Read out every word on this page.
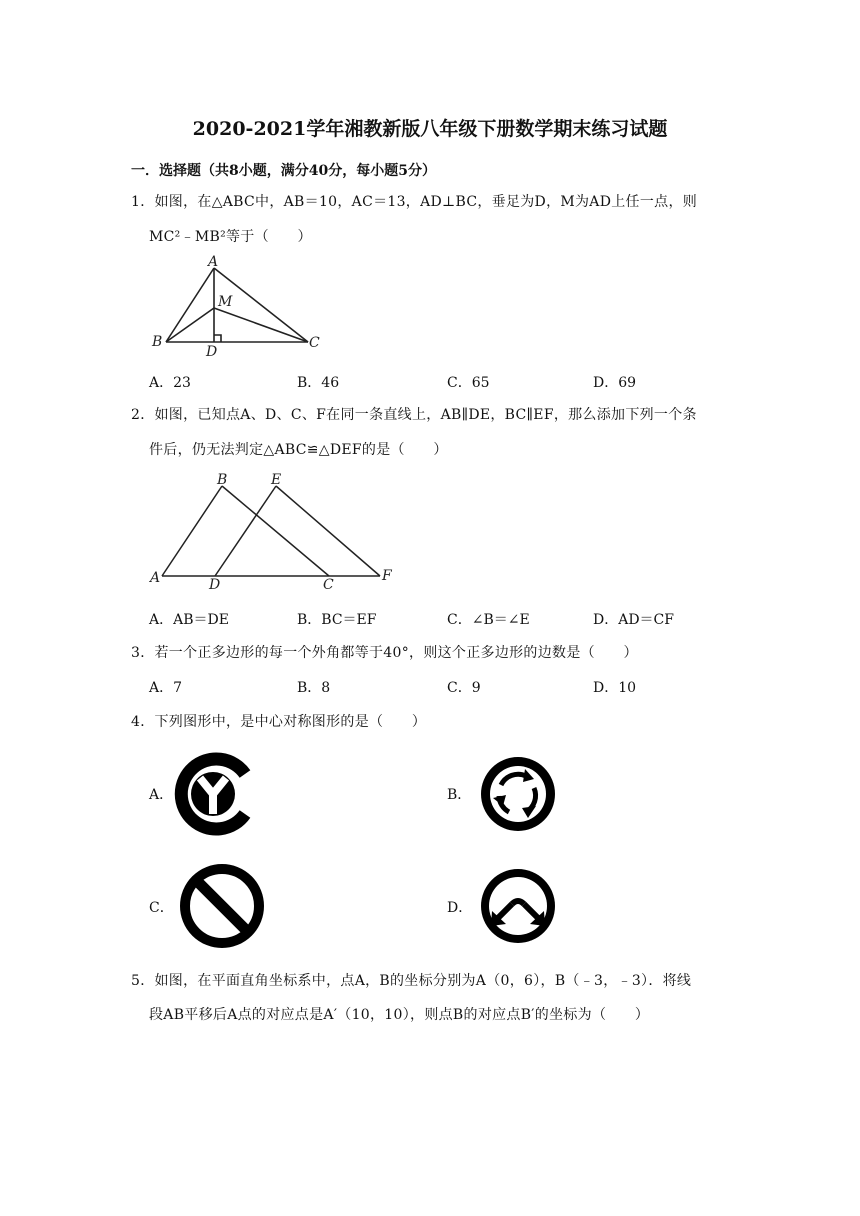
2020-2021学年湘教新版八年级下册数学期末练习试题
一．选择题（共8小题，满分40分，每小题5分）
1．如图，在△ABC中，AB＝10，AC＝13，AD⊥BC，垂足为D，M为AD上任一点，则
MC²﹣MB²等于（　　）
A
B	C
D
M
A．23	B．46	C．65	D．69
2．如图，已知点A、D、C、F在同一条直线上，AB∥DE，BC∥EF，那么添加下列一个条
件后，仍无法判定△ABC≌△DEF的是（　　）
A
B
C
D
E
F
A．AB＝DE	B．BC＝EF	C．∠B＝∠E	D．AD＝CF
3．若一个正多边形的每一个外角都等于40°，则这个正多边形的边数是（　　）
A．7	B．8	C．9	D．10
4．下列图形中，是中心对称图形的是（　　）
A．	B．
C．	D．
5．如图，在平面直角坐标系中，点A，B的坐标分别为A（0，6），B（﹣3，﹣3）．将线
段AB平移后A点的对应点是A′（10，10），则点B的对应点B′的坐标为（　　）
